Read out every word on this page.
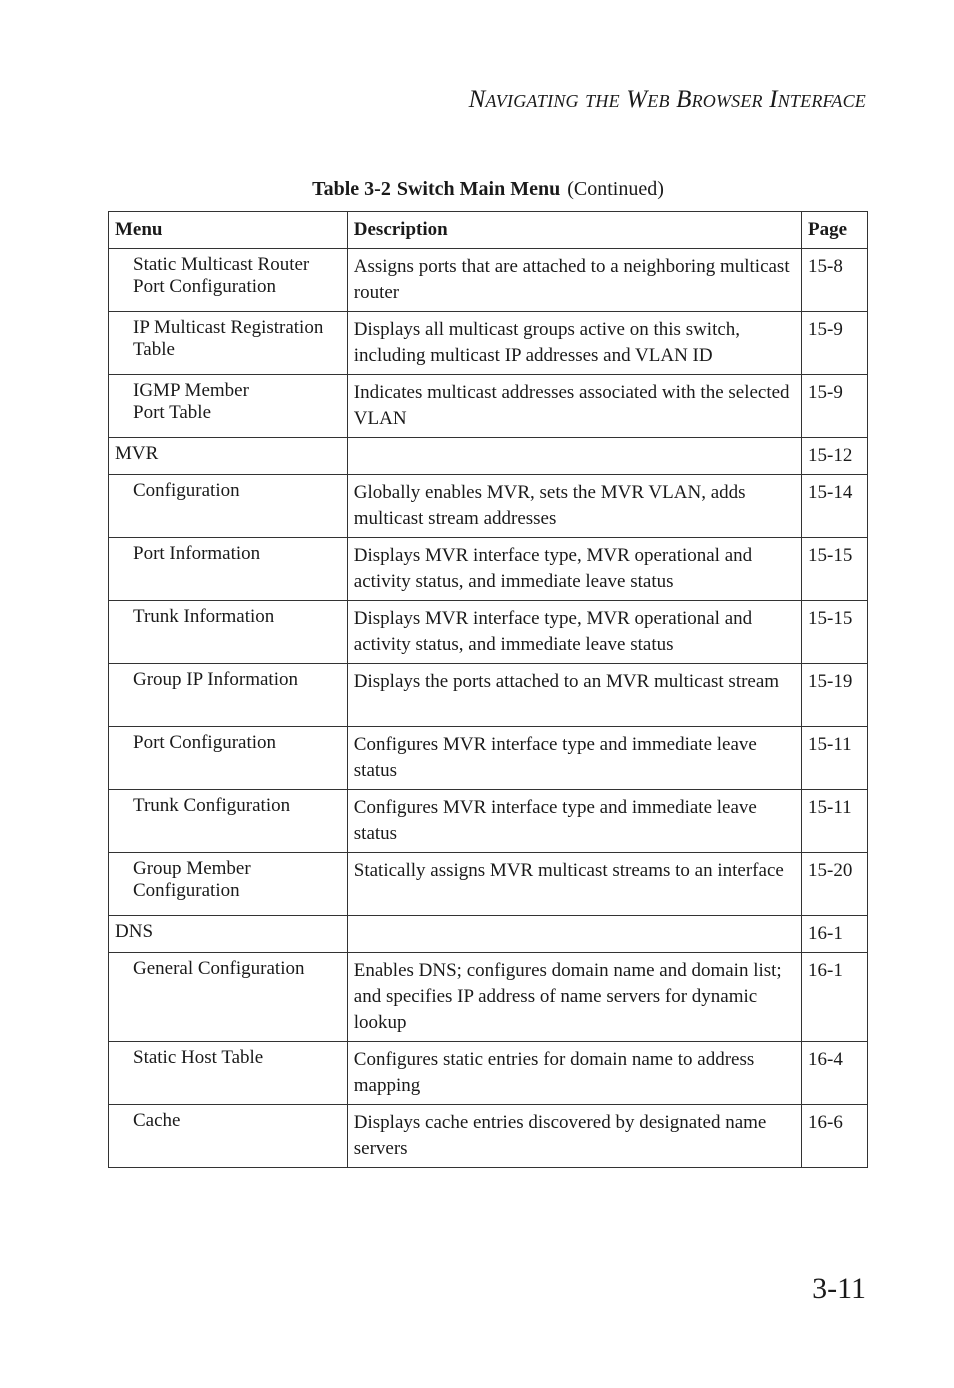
Navigating the Web Browser Interface
Table 3-2 Switch Main Menu (Continued)
Menu	Description	Page
Static Multicast Router
Port Configuration	Assigns ports that are attached to a neighboring multicast router	15-8
IP Multicast Registration
Table	Displays all multicast groups active on this switch, including multicast IP addresses and VLAN ID	15-9
IGMP Member
Port Table	Indicates multicast addresses associated with the selected VLAN	15-9
MVR		15-12
Configuration	Globally enables MVR, sets the MVR VLAN, adds multicast stream addresses	15-14
Port Information	Displays MVR interface type, MVR operational and activity status, and immediate leave status	15-15
Trunk Information	Displays MVR interface type, MVR operational and activity status, and immediate leave status	15-15
Group IP Information	Displays the ports attached to an MVR multicast stream	15-19
Port Configuration	Configures MVR interface type and immediate leave status	15-11
Trunk Configuration	Configures MVR interface type and immediate leave status	15-11
Group Member
Configuration	Statically assigns MVR multicast streams to an interface	15-20
DNS		16-1
General Configuration	Enables DNS; configures domain name and domain list; and specifies IP address of name servers for dynamic lookup	16-1
Static Host Table	Configures static entries for domain name to address mapping	16-4
Cache	Displays cache entries discovered by designated name servers	16-6
3-11
